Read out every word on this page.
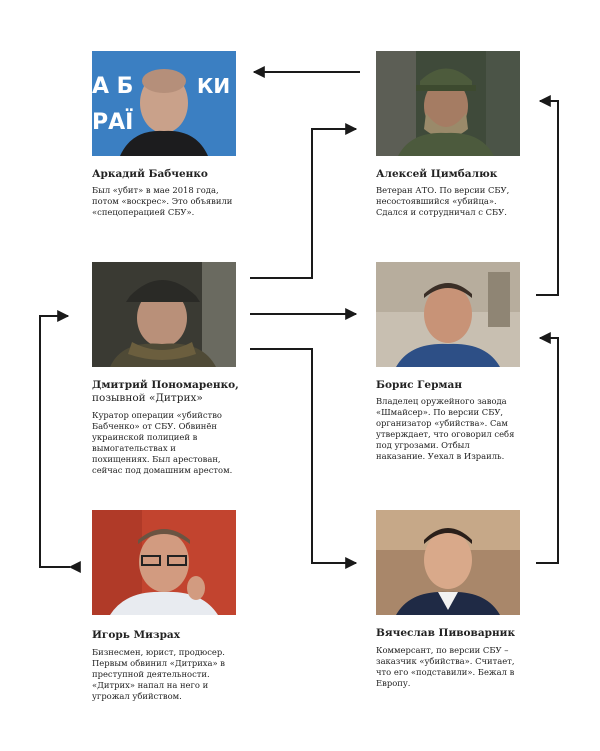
А Б	КИ
РАЇ
Аркадий Бабченко
Был «убит» в мае 2018 года,
потом «воскрес». Это объявили
«спецоперацией СБУ».
Алексей Цимбалюк
Ветеран АТО. По версии СБУ,
несостоявшийся «убийца».
Сдался и сотрудничал с СБУ.
Дмитрий Пономаренко,
позывной «Дитрих»
Куратор операции «убийство
Бабченко» от СБУ. Обвинён
украинской полицией в
вымогательствах и
похищениях. Был арестован,
сейчас под домашним арестом.
Борис Герман
Владелец оружейного завода
«Шмайсер». По версии СБУ,
организатор «убийства». Сам
утверждает, что оговорил себя
под угрозами. Отбыл
наказание. Уехал в Израиль.
Игорь Мизрах
Бизнесмен, юрист, продюсер.
Первым обвинил «Дитриха» в
преступной деятельности.
«Дитрих» напал на него и
угрожал убийством.
Вячеслав Пивоварник
Коммерсант, по версии СБУ –
заказчик «убийства». Считает,
что его «подставили». Бежал в
Европу.
